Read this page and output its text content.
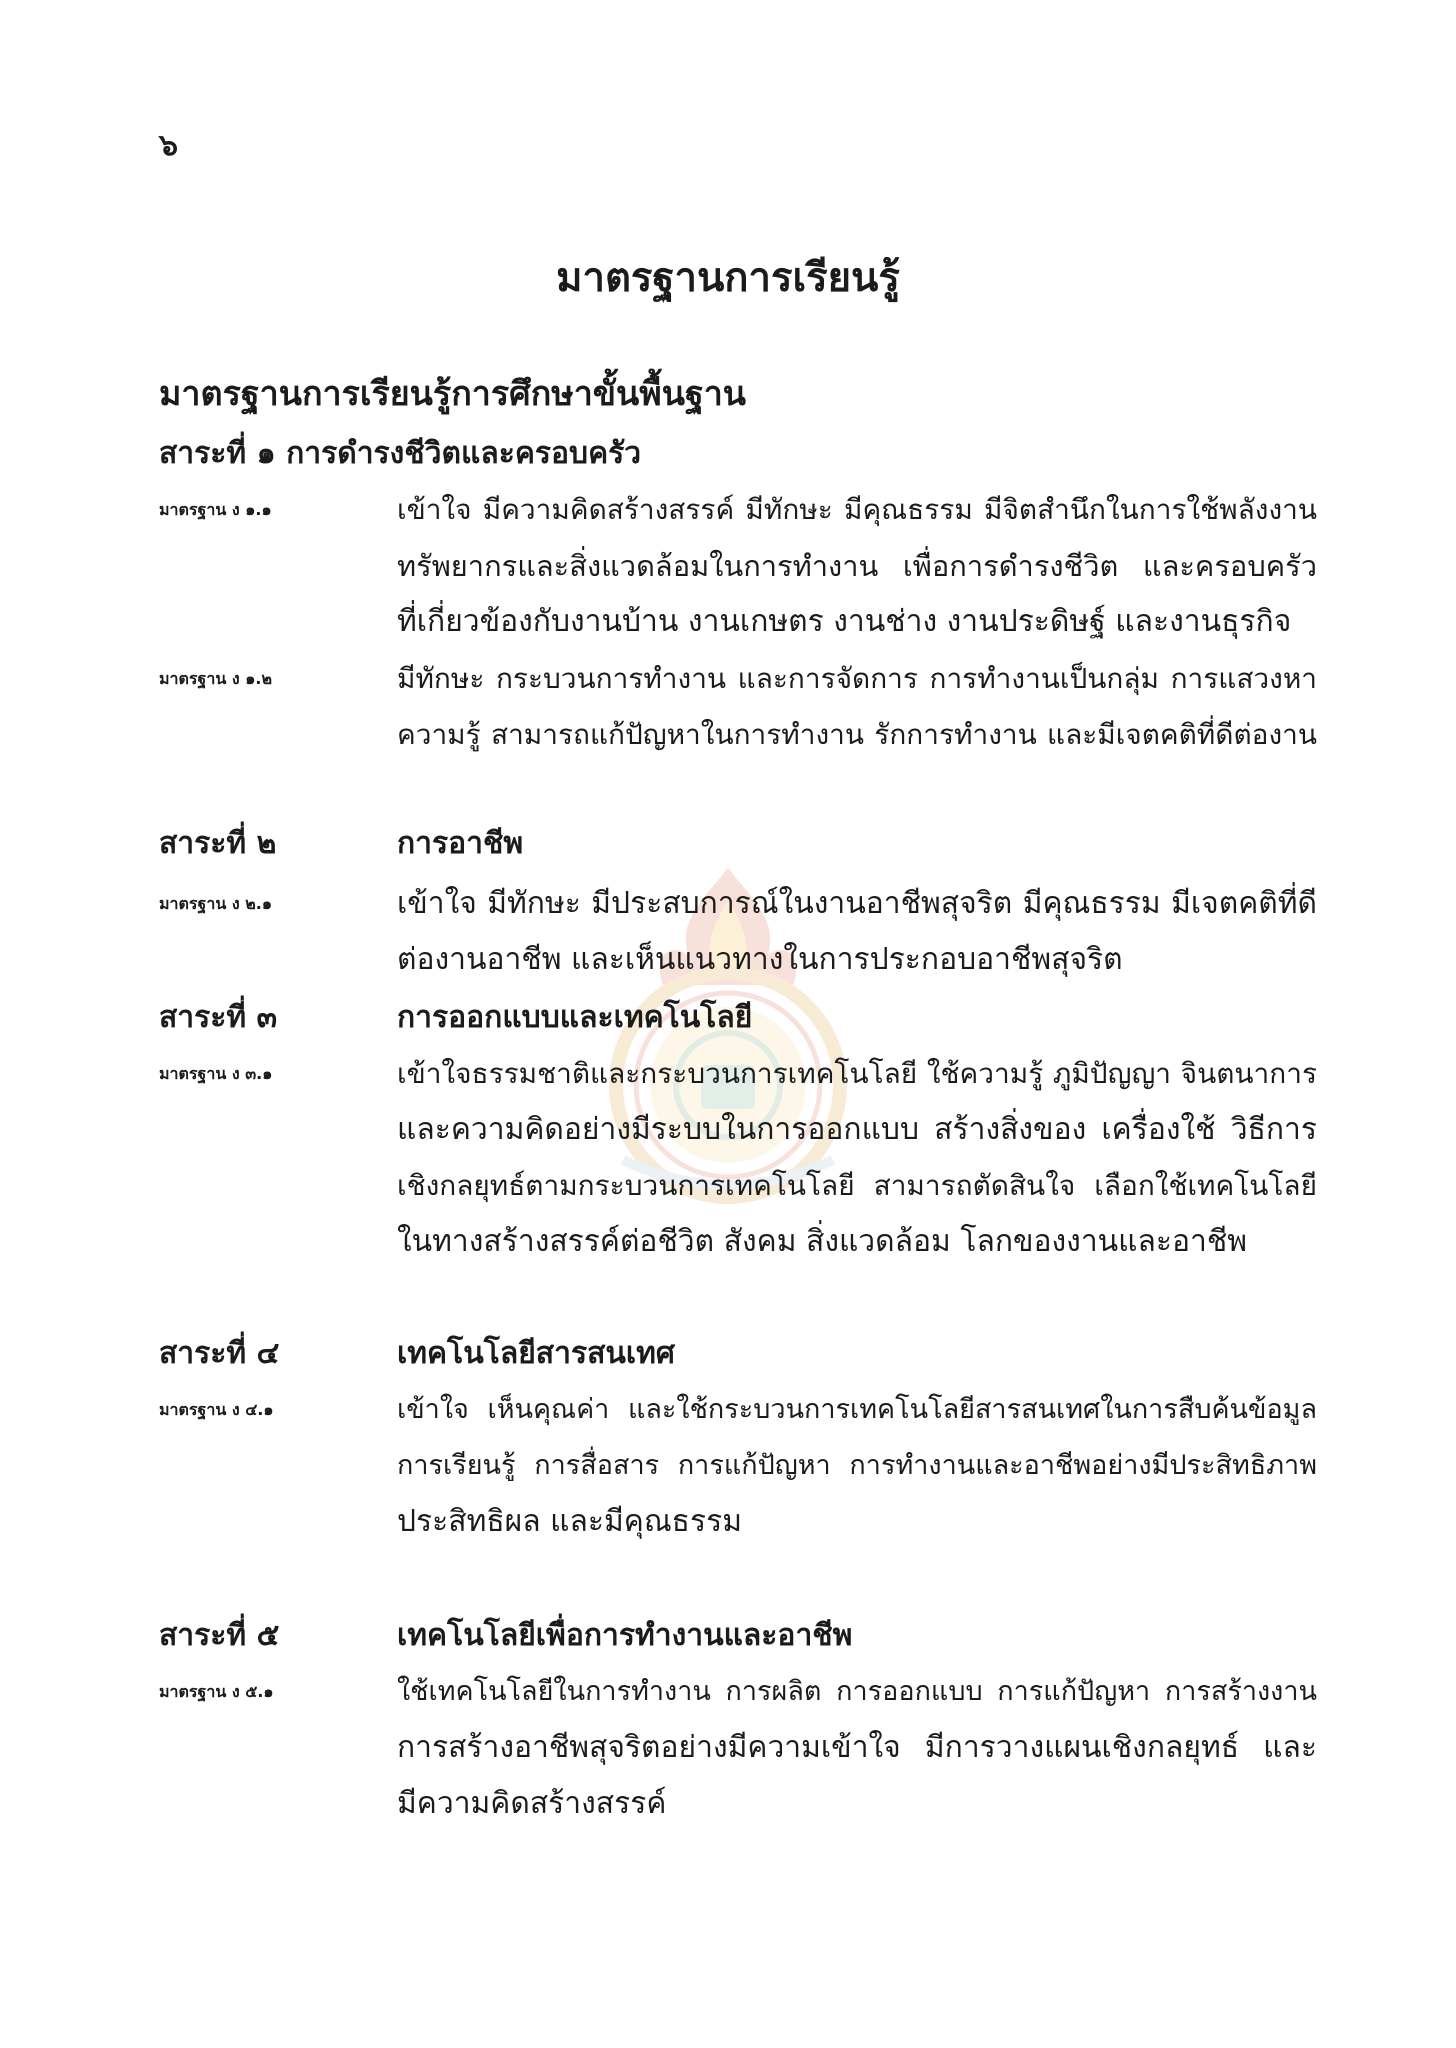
๖
มาตรฐานการเรียนรู้
มาตรฐานการเรียนรู้การศึกษาขั้นพื้นฐาน
สาระที่ ๑ การดำรงชีวิตและครอบครัว
มาตรฐาน ง ๑.๑	เข้าใจ มีความคิดสร้างสรรค์ มีทักษะ มีคุณธรรม มีจิตสำนึกในการใช้พลังงาน
ทรัพยากรและสิ่งแวดล้อมในการทำงาน เพื่อการดำรงชีวิต และครอบครัว
ที่เกี่ยวข้องกับงานบ้าน งานเกษตร งานช่าง งานประดิษฐ์ และงานธุรกิจ
มาตรฐาน ง ๑.๒	มีทักษะ กระบวนการทำงาน และการจัดการ การทำงานเป็นกลุ่ม การแสวงหา
ความรู้ สามารถแก้ปัญหาในการทำงาน รักการทำงาน และมีเจตคติที่ดีต่องาน
สาระที่ ๒	การอาชีพ
มาตรฐาน ง ๒.๑	เข้าใจ มีทักษะ มีประสบการณ์ในงานอาชีพสุจริต มีคุณธรรม มีเจตคติที่ดี
ต่องานอาชีพ และเห็นแนวทางในการประกอบอาชีพสุจริต
สาระที่ ๓	การออกแบบและเทคโนโลยี
มาตรฐาน ง ๓.๑	เข้าใจธรรมชาติและกระบวนการเทคโนโลยี ใช้ความรู้ ภูมิปัญญา จินตนาการ
และความคิดอย่างมีระบบในการออกแบบ สร้างสิ่งของ เครื่องใช้ วิธีการ
เชิงกลยุทธ์ตามกระบวนการเทคโนโลยี สามารถตัดสินใจ เลือกใช้เทคโนโลยี
ในทางสร้างสรรค์ต่อชีวิต สังคม สิ่งแวดล้อม โลกของงานและอาชีพ
สาระที่ ๔	เทคโนโลยีสารสนเทศ
มาตรฐาน ง ๔.๑	เข้าใจ เห็นคุณค่า และใช้กระบวนการเทคโนโลยีสารสนเทศในการสืบค้นข้อมูล
การเรียนรู้ การสื่อสาร การแก้ปัญหา การทำงานและอาชีพอย่างมีประสิทธิภาพ
ประสิทธิผล และมีคุณธรรม
สาระที่ ๕	เทคโนโลยีเพื่อการทำงานและอาชีพ
มาตรฐาน ง ๕.๑	ใช้เทคโนโลยีในการทำงาน การผลิต การออกแบบ การแก้ปัญหา การสร้างงาน
การสร้างอาชีพสุจริตอย่างมีความเข้าใจ มีการวางแผนเชิงกลยุทธ์ และ
มีความคิดสร้างสรรค์
